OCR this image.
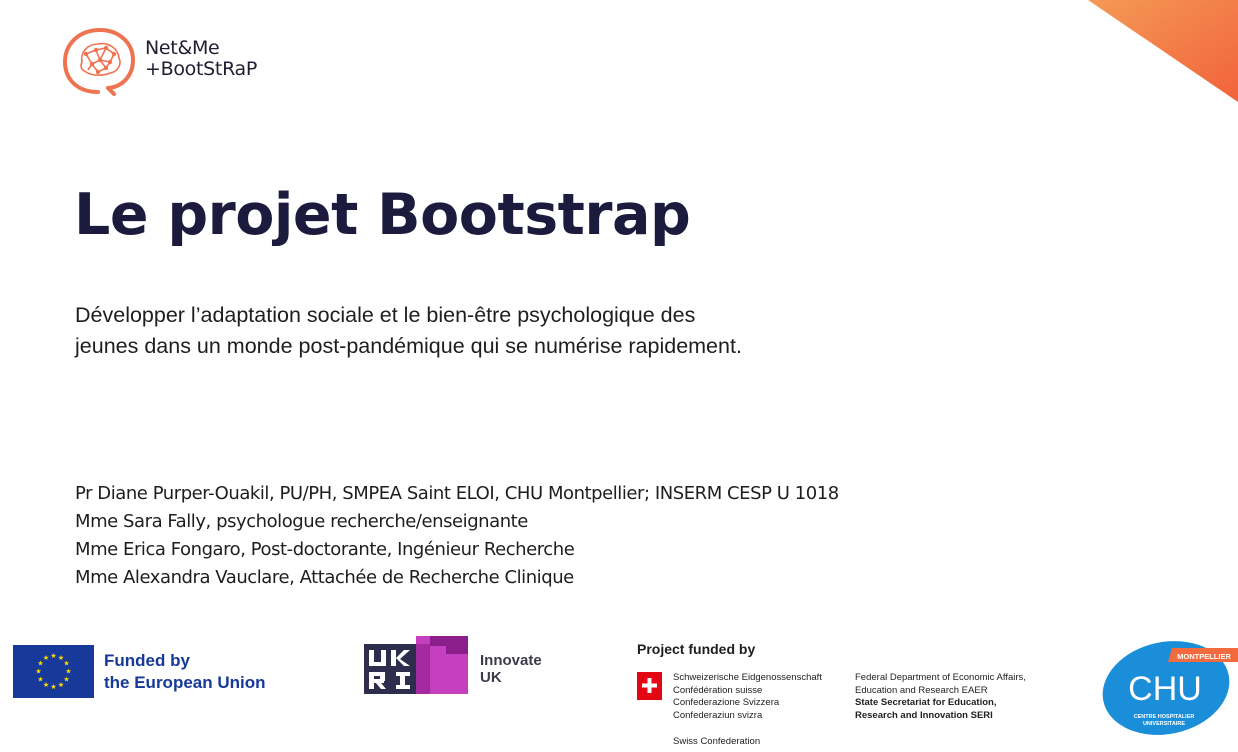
Net&Me
+BootStRaP
Le projet Bootstrap
Développer l’adaptation sociale et le bien-être psychologique des
jeunes dans un monde post-pandémique qui se numérise rapidement.
Pr Diane Purper-Ouakil, PU/PH, SMPEA Saint ELOI, CHU Montpellier; INSERM CESP U 1018
Mme Sara Fally, psychologue recherche/enseignante
Mme Erica Fongaro, Post-doctorante, Ingénieur Recherche
Mme Alexandra Vauclare, Attachée de Recherche Clinique
★ ★
★
★
★
★
★
★
★
★
★
★	Funded by
the European Union
Innovate
UK
Project funded by
Schweizerische Eidgenossenschaft
Confédération suisse
Confederazione Svizzera
Confederaziun svizra
Swiss Confederation
Federal Department of Economic Affairs,
Education and Research EAER
State Secretariat for Education,
Research and Innovation SERI
MONTPELLIER
CHU
CENTRE HOSPITALIER
UNIVERSITAIRE
